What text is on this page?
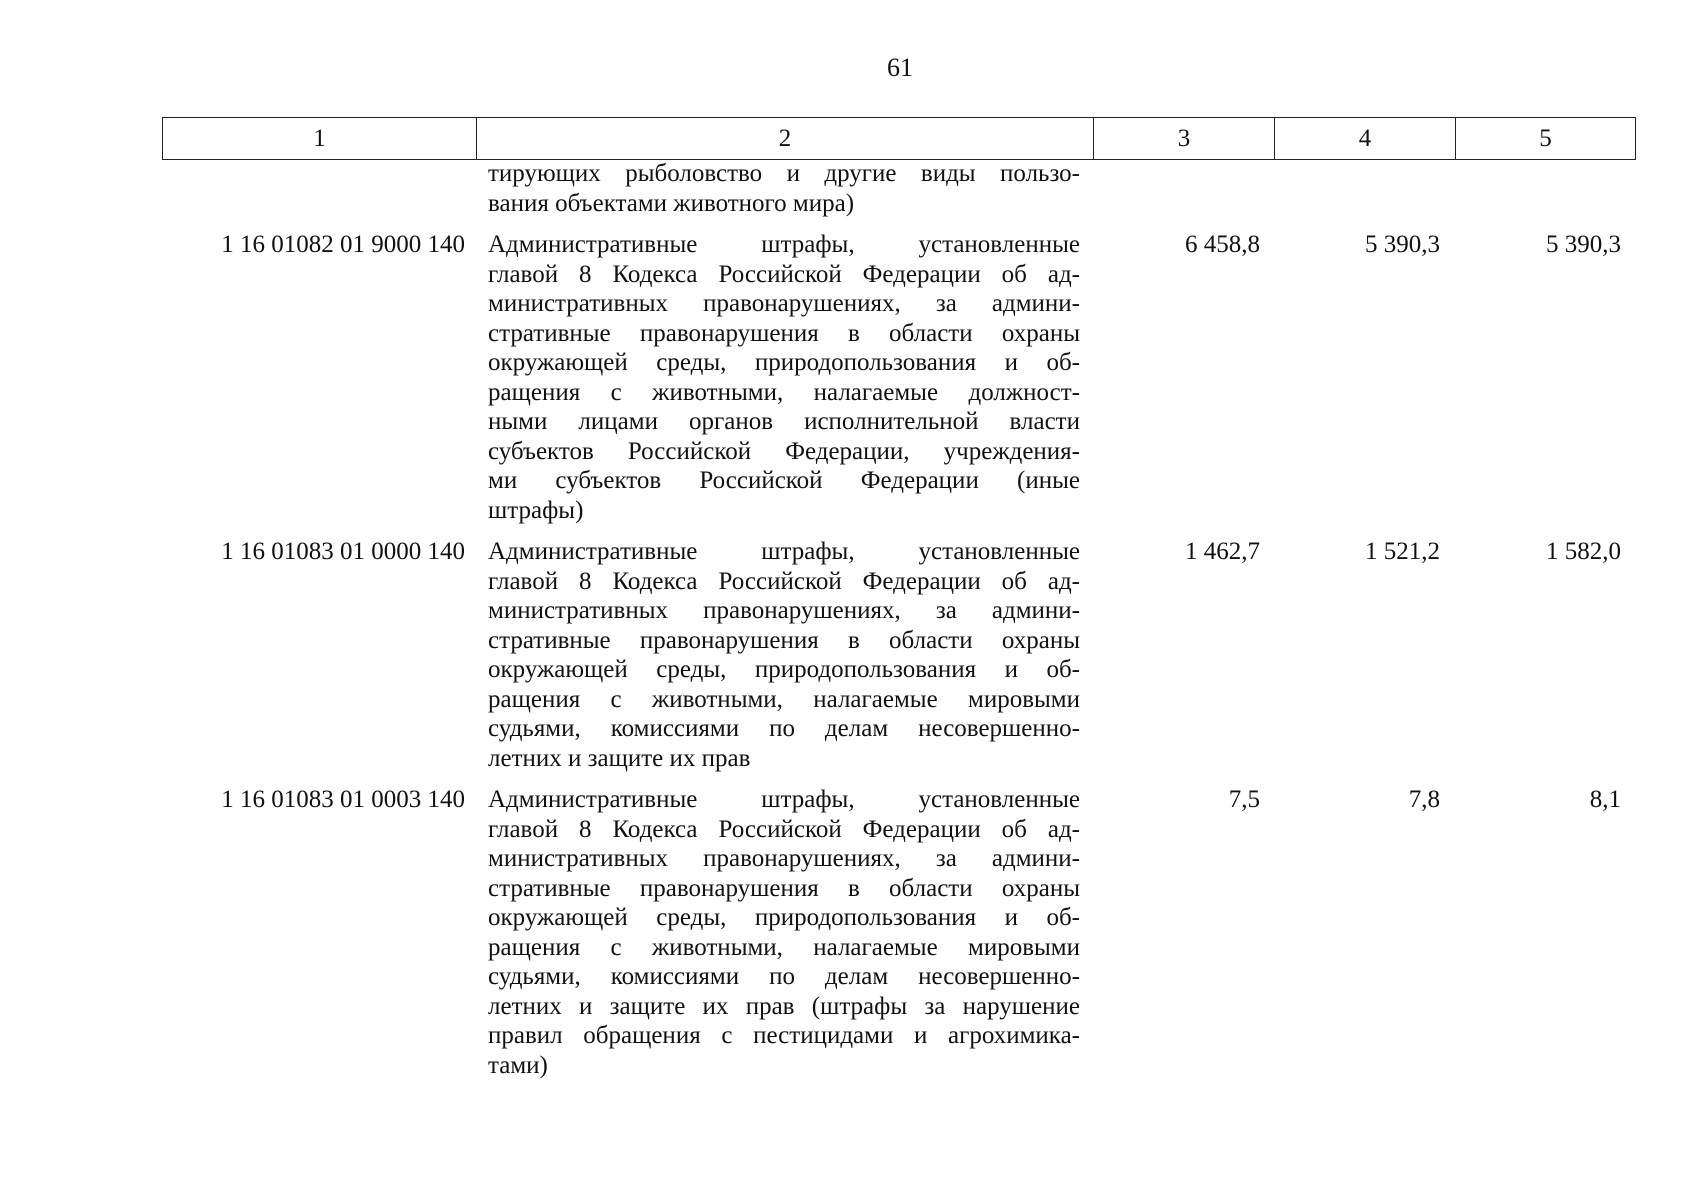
61
1	2	3	4	5
тирующих рыболовство и другие виды пользо-
вания объектами животного мира)
1 16 01082 01 9000 140 Административные штрафы, установленные
главой 8 Кодекса Российской Федерации об ад-
министративных правонарушениях, за админи-
стративные правонарушения в области охраны
окружающей среды, природопользования и об-
ращения с животными, налагаемые должност-
ными лицами органов исполнительной власти
субъектов Российской Федерации, учреждения-
ми субъектов Российской Федерации (иные
штрафы)
6 458,8	5 390,3	5 390,3
1 16 01083 01 0000 140 Административные штрафы, установленные
главой 8 Кодекса Российской Федерации об ад-
министративных правонарушениях, за админи-
стративные правонарушения в области охраны
окружающей среды, природопользования и об-
ращения с животными, налагаемые мировыми
судьями, комиссиями по делам несовершенно-
летних и защите их прав
1 462,7	1 521,2	1 582,0
1 16 01083 01 0003 140 Административные штрафы, установленные
главой 8 Кодекса Российской Федерации об ад-
министративных правонарушениях, за админи-
стративные правонарушения в области охраны
окружающей среды, природопользования и об-
ращения с животными, налагаемые мировыми
судьями, комиссиями по делам несовершенно-
летних и защите их прав (штрафы за нарушение
правил обращения с пестицидами и агрохимика-
тами)
7,5	7,8	8,1
